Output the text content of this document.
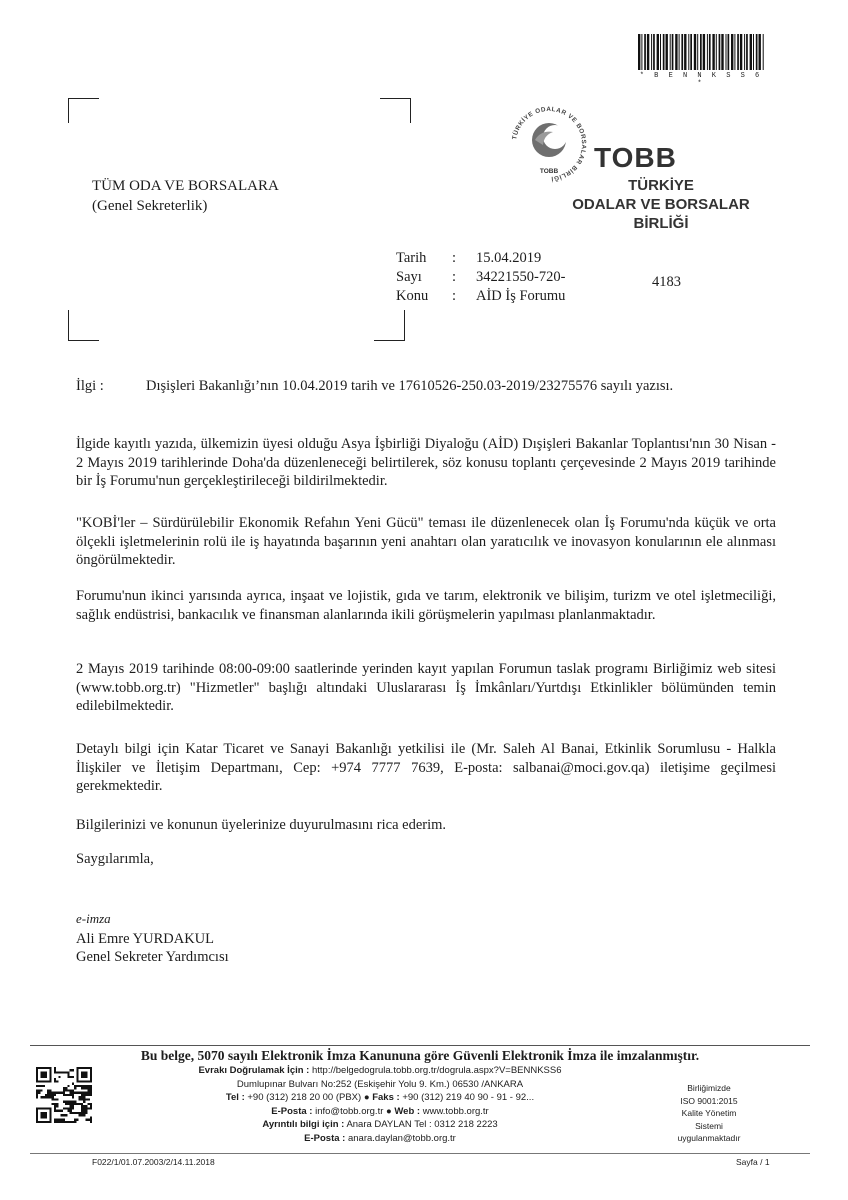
* B E N N K S S 6 *
TÜM ODA VE BORSALARA
(Genel Sekreterlik)
TÜRKİYE ODALAR VE BORSALAR BİRLİĞİ
TOBB TOBB
TÜRKİYE
ODALAR VE BORSALAR
BİRLİĞİ
Tarih	:	15.04.2019
Sayı	:	34221550-720-
Konu	:	AİD İş Forumu
4183
İlgi :	Dışişleri Bakanlığı’nın 10.04.2019 tarih ve 17610526-250.03-2019/23275576 sayılı yazısı.
İlgide kayıtlı yazıda, ülkemizin üyesi olduğu Asya İşbirliği Diyaloğu (AİD) Dışişleri Bakanlar Toplantısı'nın 30 Nisan - 2 Mayıs 2019 tarihlerinde Doha'da düzenleneceği belirtilerek, söz konusu toplantı çerçevesinde 2 Mayıs 2019 tarihinde bir İş Forumu'nun gerçekleştirileceği bildirilmektedir.
"KOBİ'ler – Sürdürülebilir Ekonomik Refahın Yeni Gücü" teması ile düzenlenecek olan İş Forumu'nda küçük ve orta ölçekli işletmelerinin rolü ile iş hayatında başarının yeni anahtarı olan yaratıcılık ve inovasyon konularının ele alınması öngörülmektedir.
Forumu'nun ikinci yarısında ayrıca, inşaat ve lojistik, gıda ve tarım, elektronik ve bilişim, turizm ve otel işletmeciliği, sağlık endüstrisi, bankacılık ve finansman alanlarında ikili görüşmelerin yapılması planlanmaktadır.
2 Mayıs 2019 tarihinde 08:00-09:00 saatlerinde yerinden kayıt yapılan Forumun taslak programı Birliğimiz web sitesi (www.tobb.org.tr) "Hizmetler" başlığı altındaki Uluslararası İş İmkânları/Yurtdışı Etkinlikler bölümünden temin edilebilmektedir.
Detaylı bilgi için Katar Ticaret ve Sanayi Bakanlığı yetkilisi ile (Mr. Saleh Al Banai, Etkinlik Sorumlusu - Halkla İlişkiler ve İletişim Departmanı, Cep: +974 7777 7639, E-posta: salbanai@moci.gov.qa) iletişime geçilmesi gerekmektedir.
Bilgilerinizi ve konunun üyelerinize duyurulmasını rica ederim.
Saygılarımla,
e-imza
Ali Emre YURDAKUL
Genel Sekreter Yardımcısı
Bu belge, 5070 sayılı Elektronik İmza Kanununa göre Güvenli Elektronik İmza ile imzalanmıştır.
Evrakı Doğrulamak İçin : http://belgedogrula.tobb.org.tr/dogrula.aspx?V=BENNKSS6
Dumlupınar Bulvarı No:252 (Eskişehir Yolu 9. Km.) 06530 /ANKARA
Tel : +90 (312) 218 20 00 (PBX) ● Faks : +90 (312) 219 40 90 - 91 - 92...
E-Posta : info@tobb.org.tr ● Web : www.tobb.org.tr
Ayrıntılı bilgi için : Anara DAYLAN Tel : 0312 218 2223
E-Posta : anara.daylan@tobb.org.tr
Birliğimizde
ISO 9001:2015
Kalite Yönetim
Sistemi
uygulanmaktadır
F022/1/01.07.2003/2/14.11.2018	Sayfa / 1
